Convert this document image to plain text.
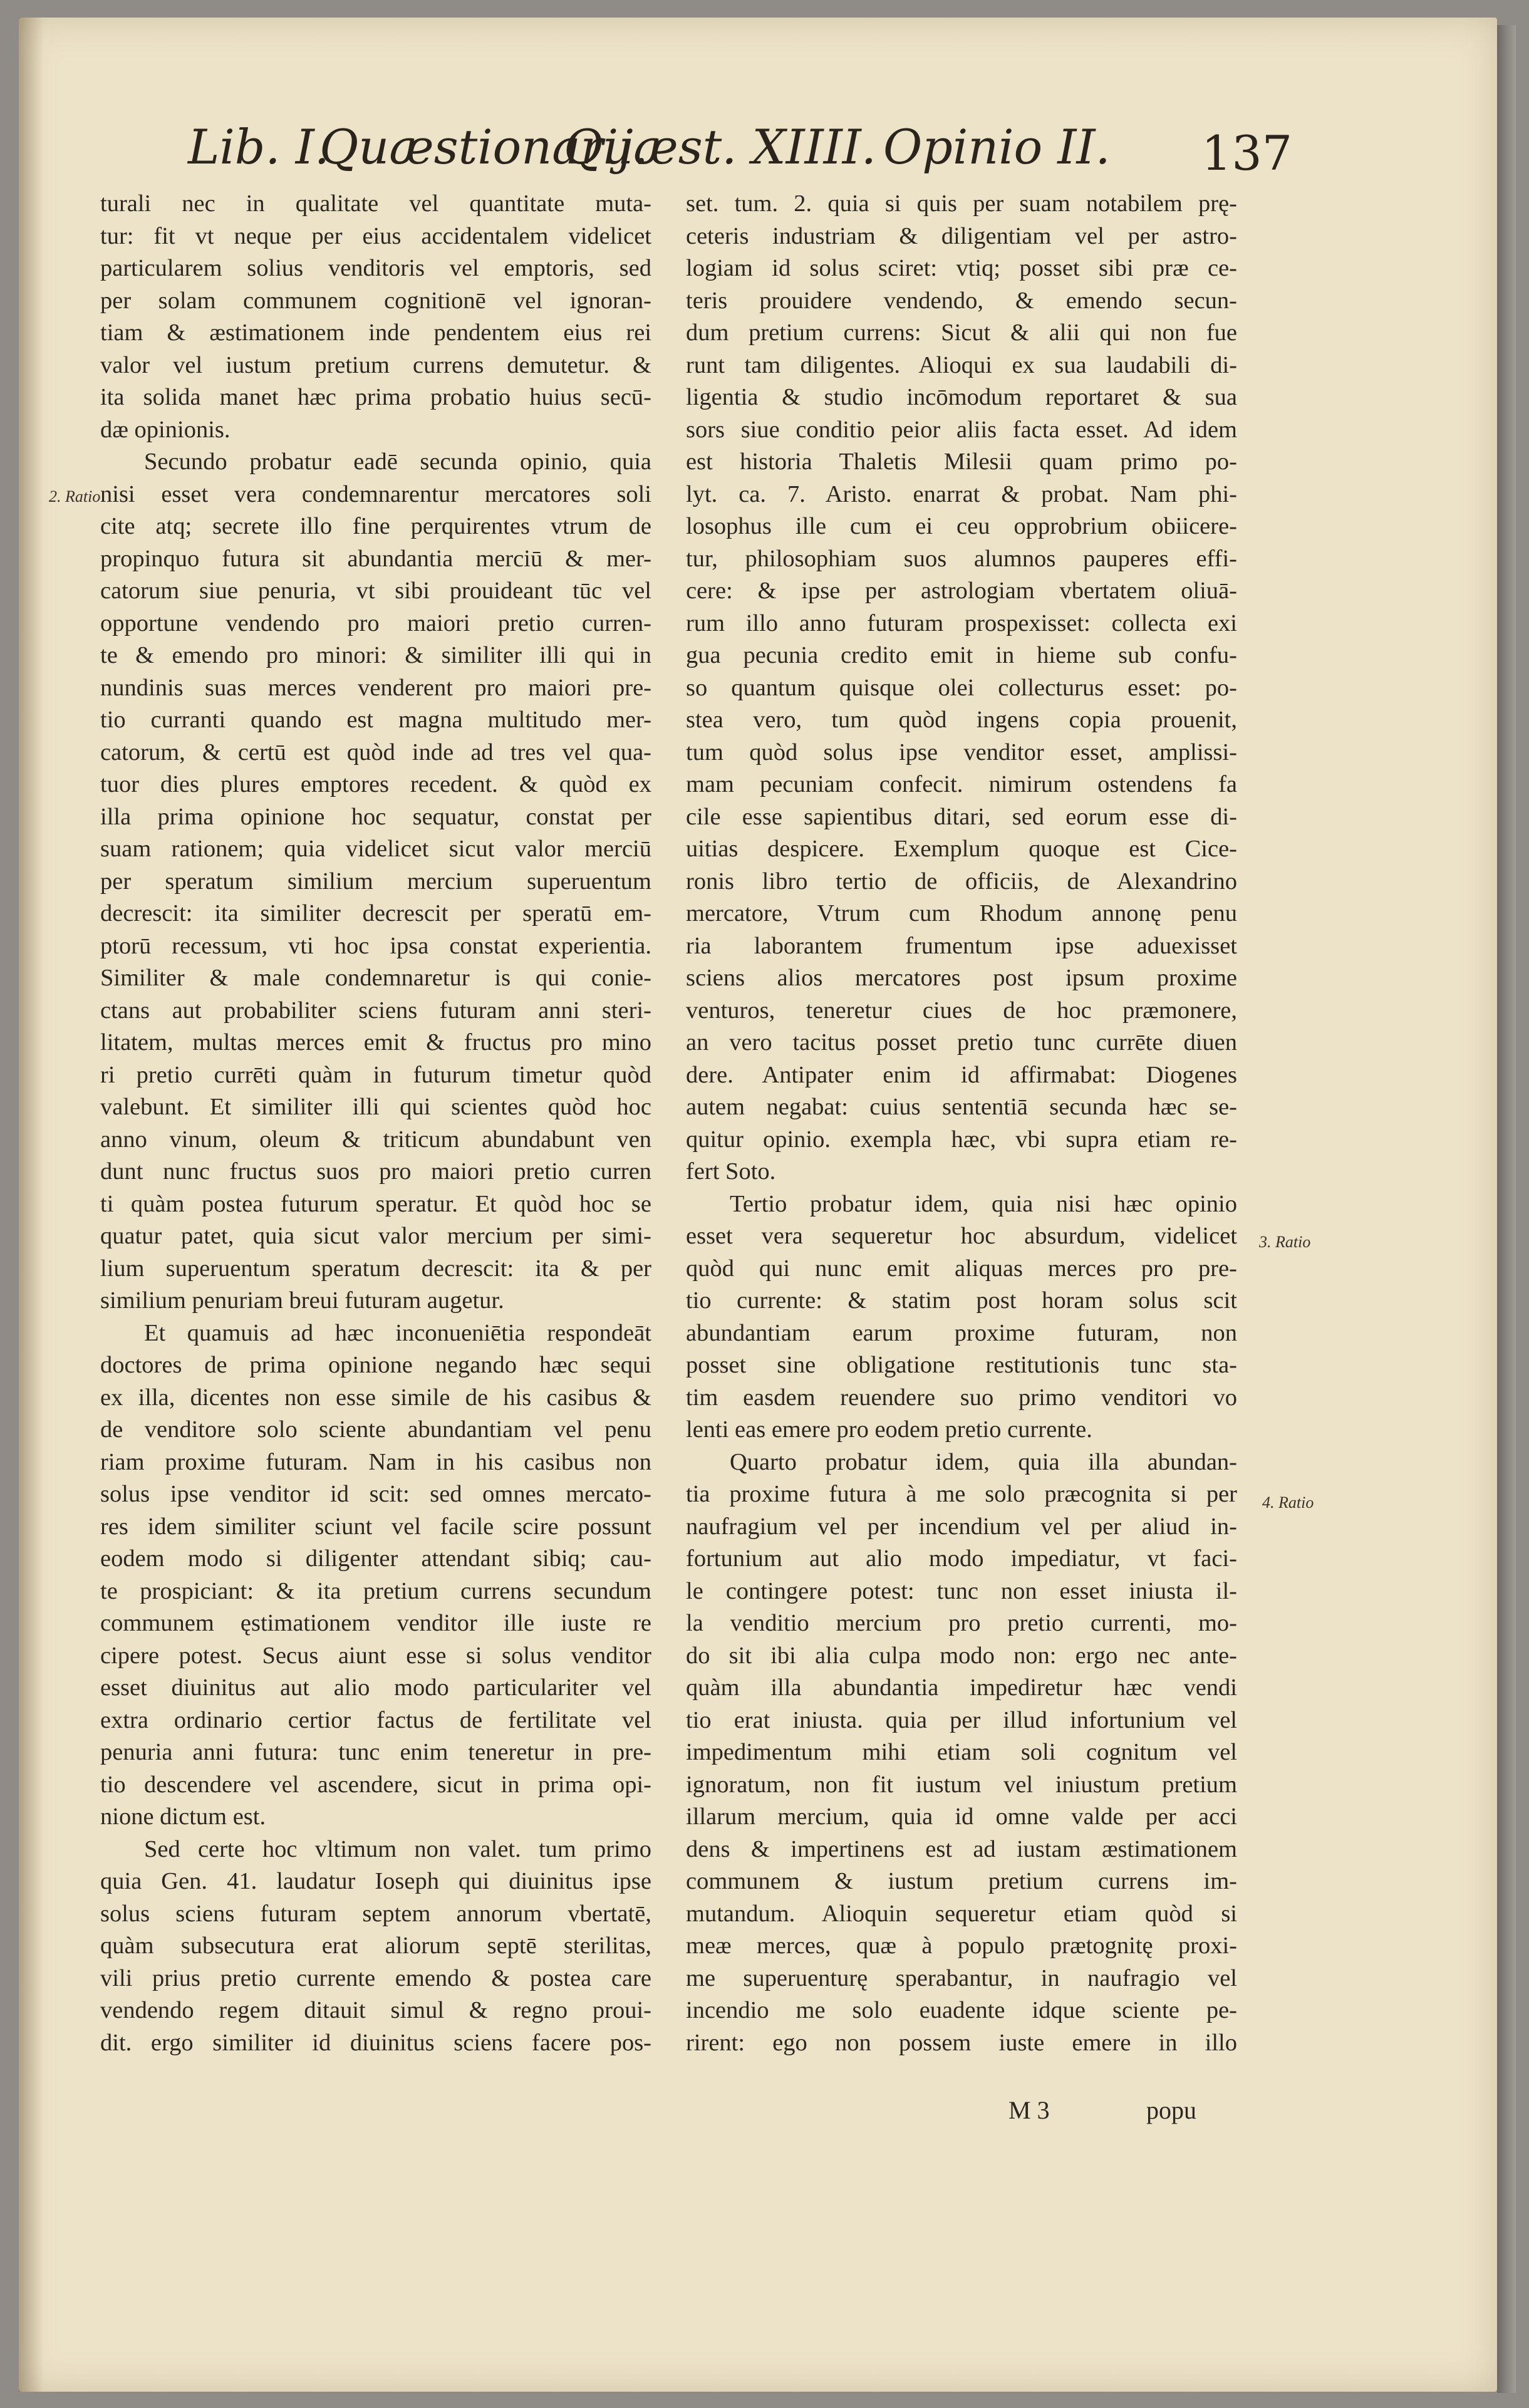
Lib. I.
Quæstionarij.
Quæst. XIIII. Opinio II. 137
2. Ratio
3. Ratio
4. Ratio
turali nec in qualitate vel quantitate muta-
tur: fit vt neque per eius accidentalem videlicet
particularem solius venditoris vel emptoris, sed
per solam communem cognitionē vel ignoran-
tiam & æstimationem inde pendentem eius rei
valor vel iustum pretium currens demutetur. &
ita solida manet hæc prima probatio huius secū-
dæ opinionis.
Secundo probatur eadē secunda opinio, quia
nisi esset vera condemnarentur mercatores soli
cite atq; secrete illo fine perquirentes vtrum de
propinquo futura sit abundantia merciū & mer-
catorum siue penuria, vt sibi prouideant tūc vel
opportune vendendo pro maiori pretio curren-
te & emendo pro minori: & similiter illi qui in
nundinis suas merces venderent pro maiori pre-
tio curranti quando est magna multitudo mer-
catorum, & certū est quòd inde ad tres vel qua-
tuor dies plures emptores recedent. & quòd ex
illa prima opinione hoc sequatur, constat per
suam rationem; quia videlicet sicut valor merciū
per speratum similium mercium superuentum
decrescit: ita similiter decrescit per speratū em-
ptorū recessum, vti hoc ipsa constat experientia.
Similiter & male condemnaretur is qui conie-
ctans aut probabiliter sciens futuram anni steri-
litatem, multas merces emit & fructus pro mino
ri pretio currēti quàm in futurum timetur quòd
valebunt. Et similiter illi qui scientes quòd hoc
anno vinum, oleum & triticum abundabunt ven
dunt nunc fructus suos pro maiori pretio curren
ti quàm postea futurum speratur. Et quòd hoc se
quatur patet, quia sicut valor mercium per simi-
lium superuentum speratum decrescit: ita & per
similium penuriam breui futuram augetur.
Et quamuis ad hæc inconueniētia respondeāt
doctores de prima opinione negando hæc sequi
ex illa, dicentes non esse simile de his casibus &
de venditore solo sciente abundantiam vel penu
riam proxime futuram. Nam in his casibus non
solus ipse venditor id scit: sed omnes mercato-
res idem similiter sciunt vel facile scire possunt
eodem modo si diligenter attendant sibiq; cau-
te prospiciant: & ita pretium currens secundum
communem ęstimationem venditor ille iuste re
cipere potest. Secus aiunt esse si solus venditor
esset diuinitus aut alio modo particulariter vel
extra ordinario certior factus de fertilitate vel
penuria anni futura: tunc enim teneretur in pre-
tio descendere vel ascendere, sicut in prima opi-
nione dictum est.
Sed certe hoc vltimum non valet. tum primo
quia Gen. 41. laudatur Ioseph qui diuinitus ipse
solus sciens futuram septem annorum vbertatē,
quàm subsecutura erat aliorum septē sterilitas,
vili prius pretio currente emendo & postea care
vendendo regem ditauit simul & regno proui-
dit. ergo similiter id diuinitus sciens facere pos-
set. tum. 2. quia si quis per suam notabilem prę-
ceteris industriam & diligentiam vel per astro-
logiam id solus sciret: vtiq; posset sibi præ ce-
teris prouidere vendendo, & emendo secun-
dum pretium currens: Sicut & alii qui non fue
runt tam diligentes. Alioqui ex sua laudabili di-
ligentia & studio incōmodum reportaret & sua
sors siue conditio peior aliis facta esset. Ad idem
est historia Thaletis Milesii quam primo po-
lyt. ca. 7. Aristo. enarrat & probat. Nam phi-
losophus ille cum ei ceu opprobrium obiicere-
tur, philosophiam suos alumnos pauperes effi-
cere: & ipse per astrologiam vbertatem oliuā-
rum illo anno futuram prospexisset: collecta exi
gua pecunia credito emit in hieme sub confu-
so quantum quisque olei collecturus esset: po-
stea vero, tum quòd ingens copia prouenit,
tum quòd solus ipse venditor esset, amplissi-
mam pecuniam confecit. nimirum ostendens fa
cile esse sapientibus ditari, sed eorum esse di-
uitias despicere. Exemplum quoque est Cice-
ronis libro tertio de officiis, de Alexandrino
mercatore, Vtrum cum Rhodum annonę penu
ria laborantem frumentum ipse aduexisset
sciens alios mercatores post ipsum proxime
venturos, teneretur ciues de hoc præmonere,
an vero tacitus posset pretio tunc currēte diuen
dere. Antipater enim id affirmabat: Diogenes
autem negabat: cuius sententiā secunda hæc se-
quitur opinio. exempla hæc, vbi supra etiam re-
fert Soto.
Tertio probatur idem, quia nisi hæc opinio
esset vera sequeretur hoc absurdum, videlicet
quòd qui nunc emit aliquas merces pro pre-
tio currente: & statim post horam solus scit
abundantiam earum proxime futuram, non
posset sine obligatione restitutionis tunc sta-
tim easdem reuendere suo primo venditori vo
lenti eas emere pro eodem pretio currente.
Quarto probatur idem, quia illa abundan-
tia proxime futura à me solo præcognita si per
naufragium vel per incendium vel per aliud in-
fortunium aut alio modo impediatur, vt faci-
le contingere potest: tunc non esset iniusta il-
la venditio mercium pro pretio currenti, mo-
do sit ibi alia culpa modo non: ergo nec ante-
quàm illa abundantia impediretur hæc vendi
tio erat iniusta. quia per illud infortunium vel
impedimentum mihi etiam soli cognitum vel
ignoratum, non fit iustum vel iniustum pretium
illarum mercium, quia id omne valde per acci
dens & impertinens est ad iustam æstimationem
communem & iustum pretium currens im-
mutandum. Alioquin sequeretur etiam quòd si
meæ merces, quæ à populo prætognitę proxi-
me superuenturę sperabantur, in naufragio vel
incendio me solo euadente idque sciente pe-
rirent: ego non possem iuste emere in illo
M 3	popu
